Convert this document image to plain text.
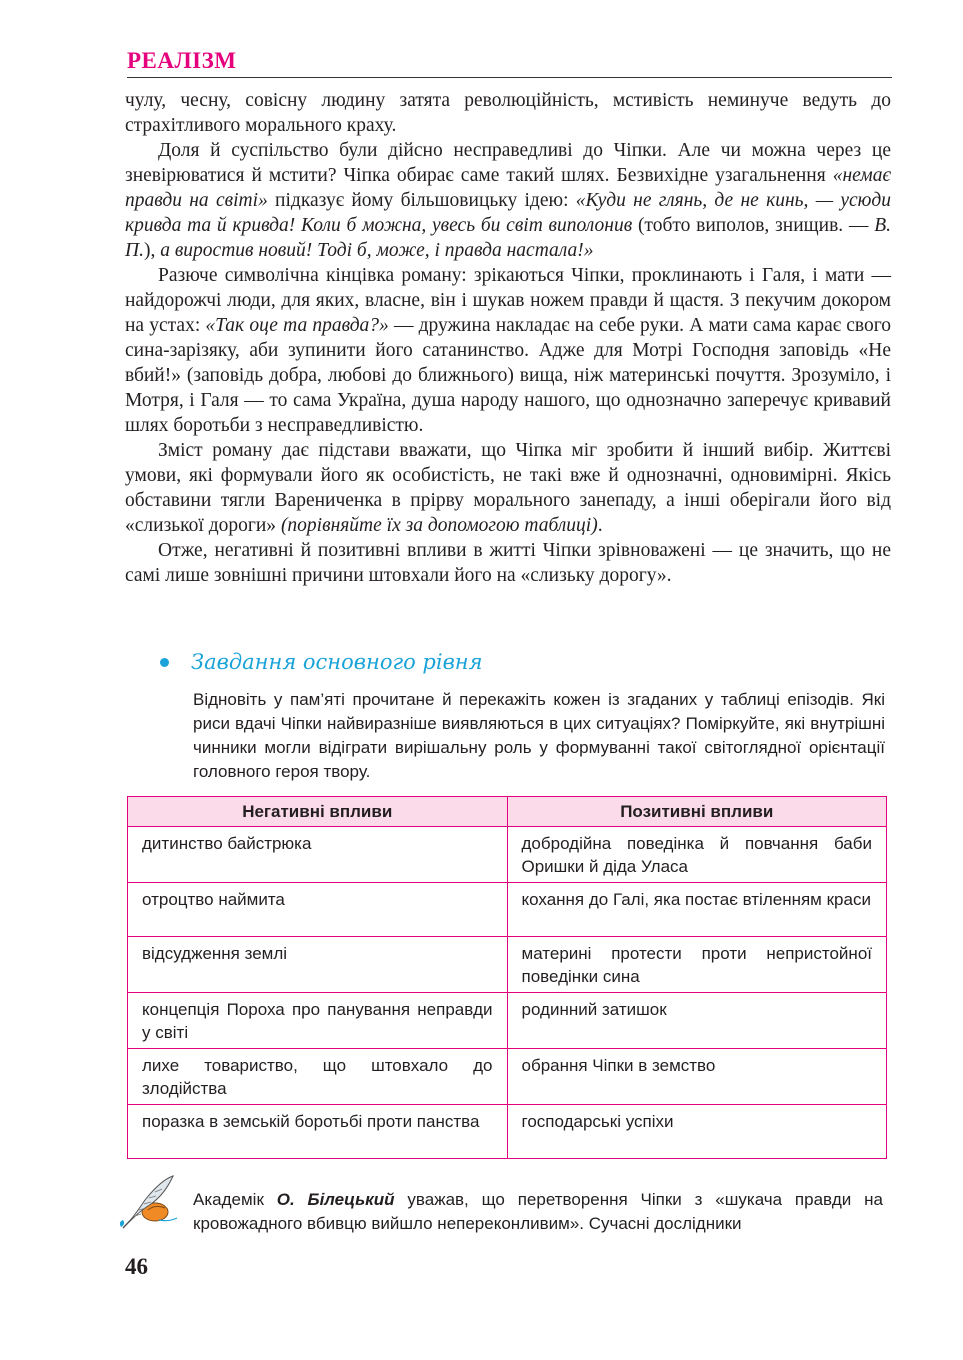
РЕАЛІЗМ

чулу, чесну, совісну людину затята революційність, мстивість неминуче ведуть до страхітливого морального краху.

Доля й суспільство були дійсно несправедливі до Чіпки. Але чи можна через це зневірюватися й мстити? Чіпка обирає саме такий шлях. Безвихідне узагальнення «немає правди на світі» підказує йому більшовицьку ідею: «Куди не глянь, де не кинь, — усюди кривда та й кривда! Коли б можна, увесь би світ виполонив (тобто виполов, знищив. — В. П.), а виростив новий! Тоді б, може, і правда настала!»

Разюче символічна кінцівка роману: зрікаються Чіпки, проклинають і Галя, і мати — найдорожчі люди, для яких, власне, він і шукав ножем правди й щастя. З пекучим докором на устах: «Так оце та правда?» — дружина накладає на себе руки. А мати сама карає свого сина-зарізяку, аби зупинити його сатанинство. Адже для Мотрі Господня заповідь «Не вбий!» (заповідь добра, любові до ближнього) вища, ніж материнські почуття. Зрозуміло, і Мотря, і Галя — то сама Україна, душа народу нашого, що однозначно заперечує кривавий шлях боротьби з несправедливістю.

Зміст роману дає підстави вважати, що Чіпка міг зробити й інший вибір. Життєві умови, які формували його як особистість, не такі вже й однозначні, одновимірні. Якісь обставини тягли Варениченка в прірву морального занепаду, а інші оберігали його від «слизької дороги» (порівняйте їх за допомогою таблиці).

Отже, негативні й позитивні впливи в житті Чіпки зрівноважені — це значить, що не самі лише зовнішні причини штовхали його на «слизьку дорогу».

Завдання основного рівня
Відновіть у пам’яті прочитане й перекажіть кожен із згаданих у таблиці епізодів. Які риси вдачі Чіпки найвиразніше виявляються в цих ситуаціях? Поміркуйте, які внутрішні чинники могли відіграти вирішальну роль у формуванні такої світоглядної орієнтації головного героя твору.
Негативні впливи	Позитивні впливи
дитинство байстрюка	добродійна поведінка й повчання баби Оришки й діда Уласа
отроцтво наймита	кохання до Галі, яка постає втіленням краси
відсудження землі	материні протести проти непристойної поведінки сина
концепція Пороха про панування неправди у світі	родинний затишок
лихе товариство, що штовхало до злодійства	обрання Чіпки в земство
поразка в земській боротьбі проти панства	господарські успіхи
Академік О. Білецький уважав, що перетворення Чіпки з «шукача правди на кровожадного вбивцю вийшло непереконливим». Сучасні дослідники
46
